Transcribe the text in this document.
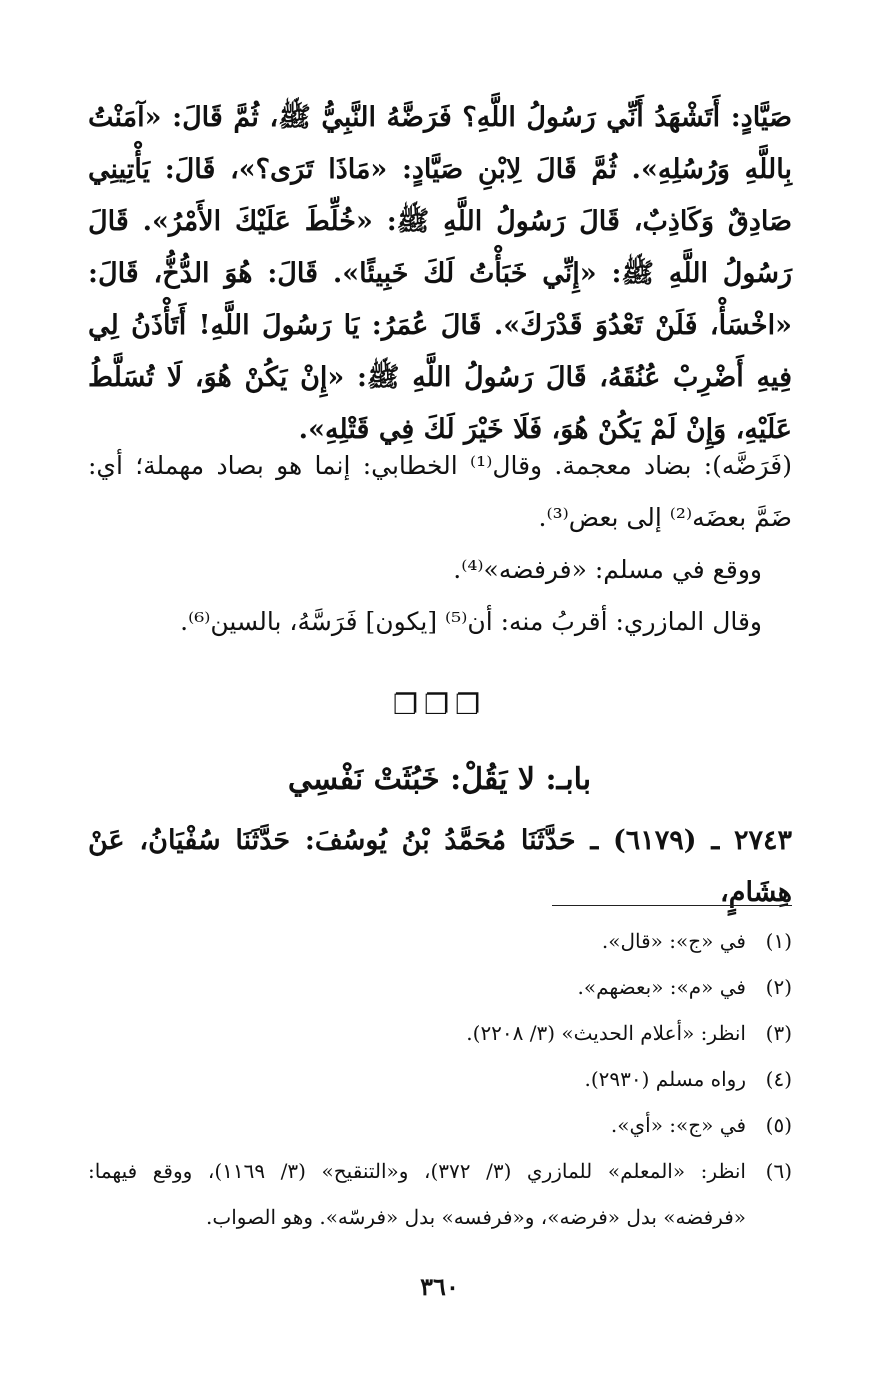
صَيَّادٍ: أَتَشْهَدُ أَنِّي رَسُولُ اللَّهِ؟ فَرَضَّهُ النَّبِيُّ ﷺ، ثُمَّ قَالَ: «آمَنْتُ بِاللَّهِ وَرُسُلِهِ». ثُمَّ قَالَ لِابْنِ صَيَّادٍ: «مَاذَا تَرَى؟»، قَالَ: يَأْتِينِي صَادِقٌ وَكَاذِبٌ، قَالَ رَسُولُ اللَّهِ ﷺ: «خُلِّطَ عَلَيْكَ الأَمْرُ». قَالَ رَسُولُ اللَّهِ ﷺ: «إِنِّي خَبَأْتُ لَكَ خَبِيئًا». قَالَ: هُوَ الدُّخُّ، قَالَ: «اخْسَأْ، فَلَنْ تَعْدُوَ قَدْرَكَ». قَالَ عُمَرُ: يَا رَسُولَ اللَّهِ! أَتَأْذَنُ لِي فِيهِ أَضْرِبْ عُنُقَهُ، قَالَ رَسُولُ اللَّهِ ﷺ: «إِنْ يَكُنْ هُوَ، لَا تُسَلَّطُ عَلَيْهِ، وَإِنْ لَمْ يَكُنْ هُوَ، فَلَا خَيْرَ لَكَ فِي قَتْلِهِ».

(فَرَضَّه): بضاد معجمة. وقال⁽¹⁾ الخطابي: إنما هو بصاد مهملة؛ أي: ضَمَّ بعضَه⁽²⁾ إلى بعض⁽³⁾.

ووقع في مسلم: «فرفضه»⁽⁴⁾.

وقال المازري: أقربُ منه: أن⁽⁵⁾ [يكون] فَرَسَّهُ، بالسين⁽⁶⁾.

❐❐❐
بابـ: لا يَقُلْ: خَبُثَتْ نَفْسِي
٢٧٤٣ ـ (٦١٧٩) ـ حَدَّثَنَا مُحَمَّدُ بْنُ يُوسُفَ: حَدَّثَنَا سُفْيَانُ، عَنْ هِشَامٍ،
(١)
في «ج»: «قال».
(٢)
في «م»: «بعضهم».
(٣)
انظر: «أعلام الحديث» (٣/ ٢٢٠٨).
(٤)
رواه مسلم (٢٩٣٠).
(٥)
في «ج»: «أي».
(٦)
انظر: «المعلم» للمازري (٣/ ٣٧٢)، و«التنقيح» (٣/ ١١٦٩)، ووقع فيهما: «فرفضه» بدل «فرضه»، و«فرفسه» بدل «فرسّه». وهو الصواب.
٣٦٠
